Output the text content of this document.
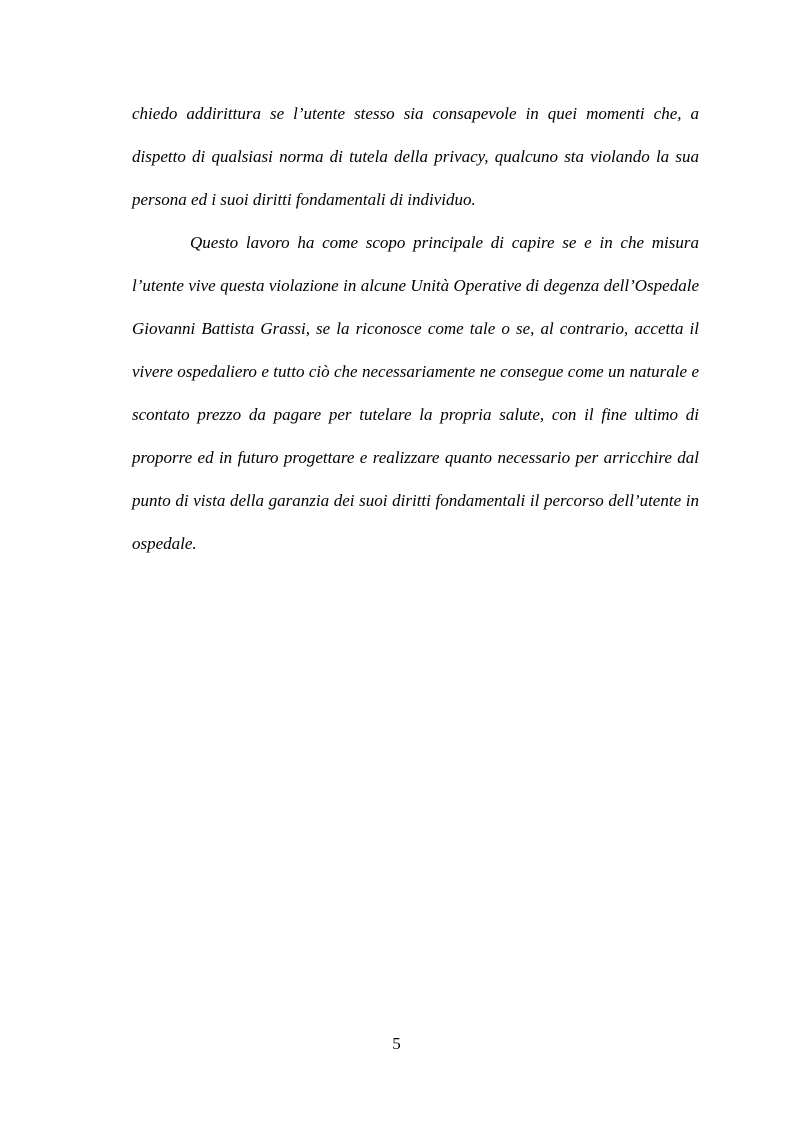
chiedo addirittura se l’utente stesso sia consapevole in quei momenti che, a dispetto di qualsiasi norma di tutela della privacy, qualcuno sta violando la sua persona ed i suoi diritti fondamentali di individuo.

Questo lavoro ha come scopo principale di capire se e in che misura l’utente vive questa violazione in alcune Unità Operative di degenza dell’Ospedale Giovanni Battista Grassi, se la riconosce come tale o se, al contrario, accetta il vivere ospedaliero e tutto ciò che necessariamente ne consegue come un naturale e scontato prezzo da pagare per tutelare la propria salute, con il fine ultimo di proporre ed in futuro progettare e realizzare quanto necessario per arricchire dal punto di vista della garanzia dei suoi diritti fondamentali il percorso dell’utente in ospedale.

5
